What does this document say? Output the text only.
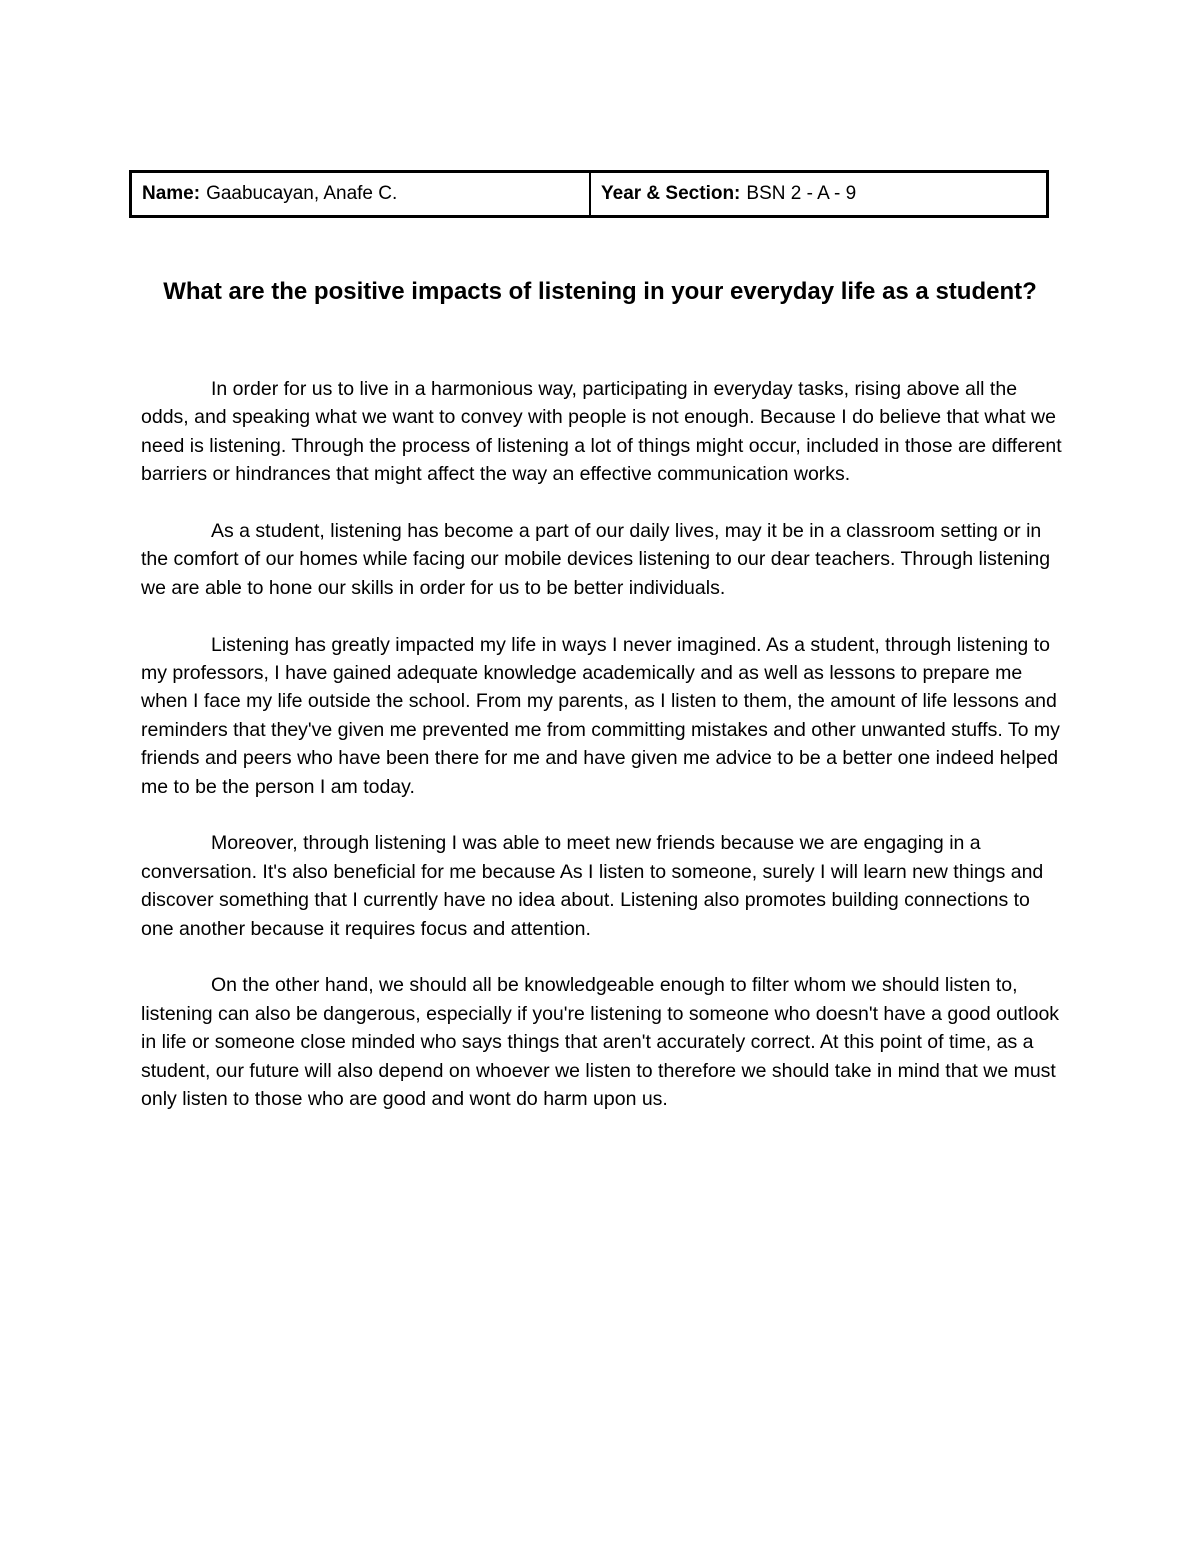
Name: Gaabucayan, Anafe C.	Year & Section: BSN 2 - A - 9
What are the positive impacts of listening in your everyday life as a student?

In order for us to live in a harmonious way, participating in everyday tasks, rising above all the odds, and speaking what we want to convey with people is not enough. Because I do believe that what we need is listening. Through the process of listening a lot of things might occur, included in those are different barriers or hindrances that might affect the way an effective communication works.

As a student, listening has become a part of our daily lives, may it be in a classroom setting or in the comfort of our homes while facing our mobile devices listening to our dear teachers. Through listening we are able to hone our skills in order for us to be better individuals.

Listening has greatly impacted my life in ways I never imagined. As a student, through listening to my professors, I have gained adequate knowledge academically and as well as lessons to prepare me when I face my life outside the school. From my parents, as I listen to them, the amount of life lessons and reminders that they've given me prevented me from committing mistakes and other unwanted stuffs. To my friends and peers who have been there for me and have given me advice to be a better one indeed helped me to be the person I am today.

Moreover, through listening I was able to meet new friends because we are engaging in a conversation. It's also beneficial for me because As I listen to someone, surely I will learn new things and discover something that I currently have no idea about. Listening also promotes building connections to one another because it requires focus and attention.

On the other hand, we should all be knowledgeable enough to filter whom we should listen to, listening can also be dangerous, especially if you're listening to someone who doesn't have a good outlook in life or someone close minded who says things that aren't accurately correct. At this point of time, as a student, our future will also depend on whoever we listen to therefore we should take in mind that we must only listen to those who are good and wont do harm upon us.
